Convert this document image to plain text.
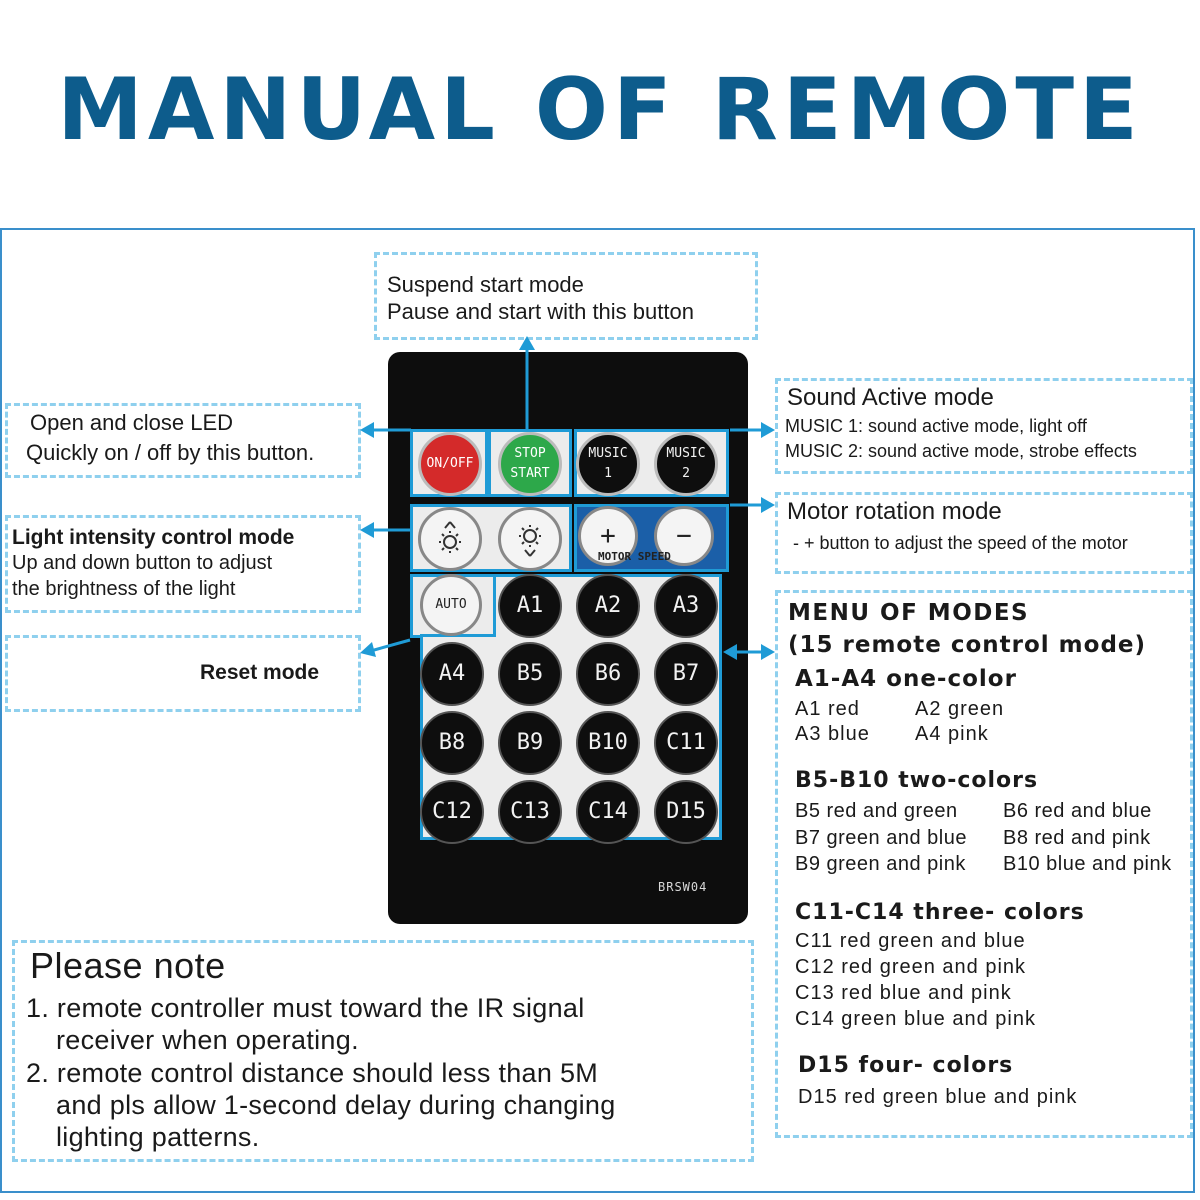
MANUAL OF REMOTE
Suspend start mode
Pause and start with this button
Open and close LED
Quickly on / off by this button.
Light intensity control mode
Up and down button to adjust
the brightness of the light
Reset mode
Sound Active mode
MUSIC 1: sound active mode, light off
MUSIC 2: sound active mode, strobe effects
Motor rotation mode
- + button to adjust the speed of the motor
MENU OF MODES
(15 remote control mode)
A1-A4 one-color
A1 red	A2 green
A3 blue A4 pink
B5-B10 two-colors
B5 red and green B6 red and blue
B7 green and blue B8 red and pink
B9 green and pink B10 blue and pink
C11-C14 three- colors
C11 red green and blue
C12 red green and pink
C13 red blue and pink
C14 green blue and pink
D15 four- colors
D15 red green blue and pink
Please note
1. remote controller must toward the IR signal
receiver when operating.
2. remote control distance should less than 5M
and pls allow 1-second delay during changing
lighting patterns.
ON/OFF
STOP
START
MUSIC
1
MUSIC
2
+ −
MOTOR SPEED
AUTO A1 A2 A3
A4 B5 B6 B7
B8 B9 B10 C11
C12 C13 C14 D15
BRSW04
